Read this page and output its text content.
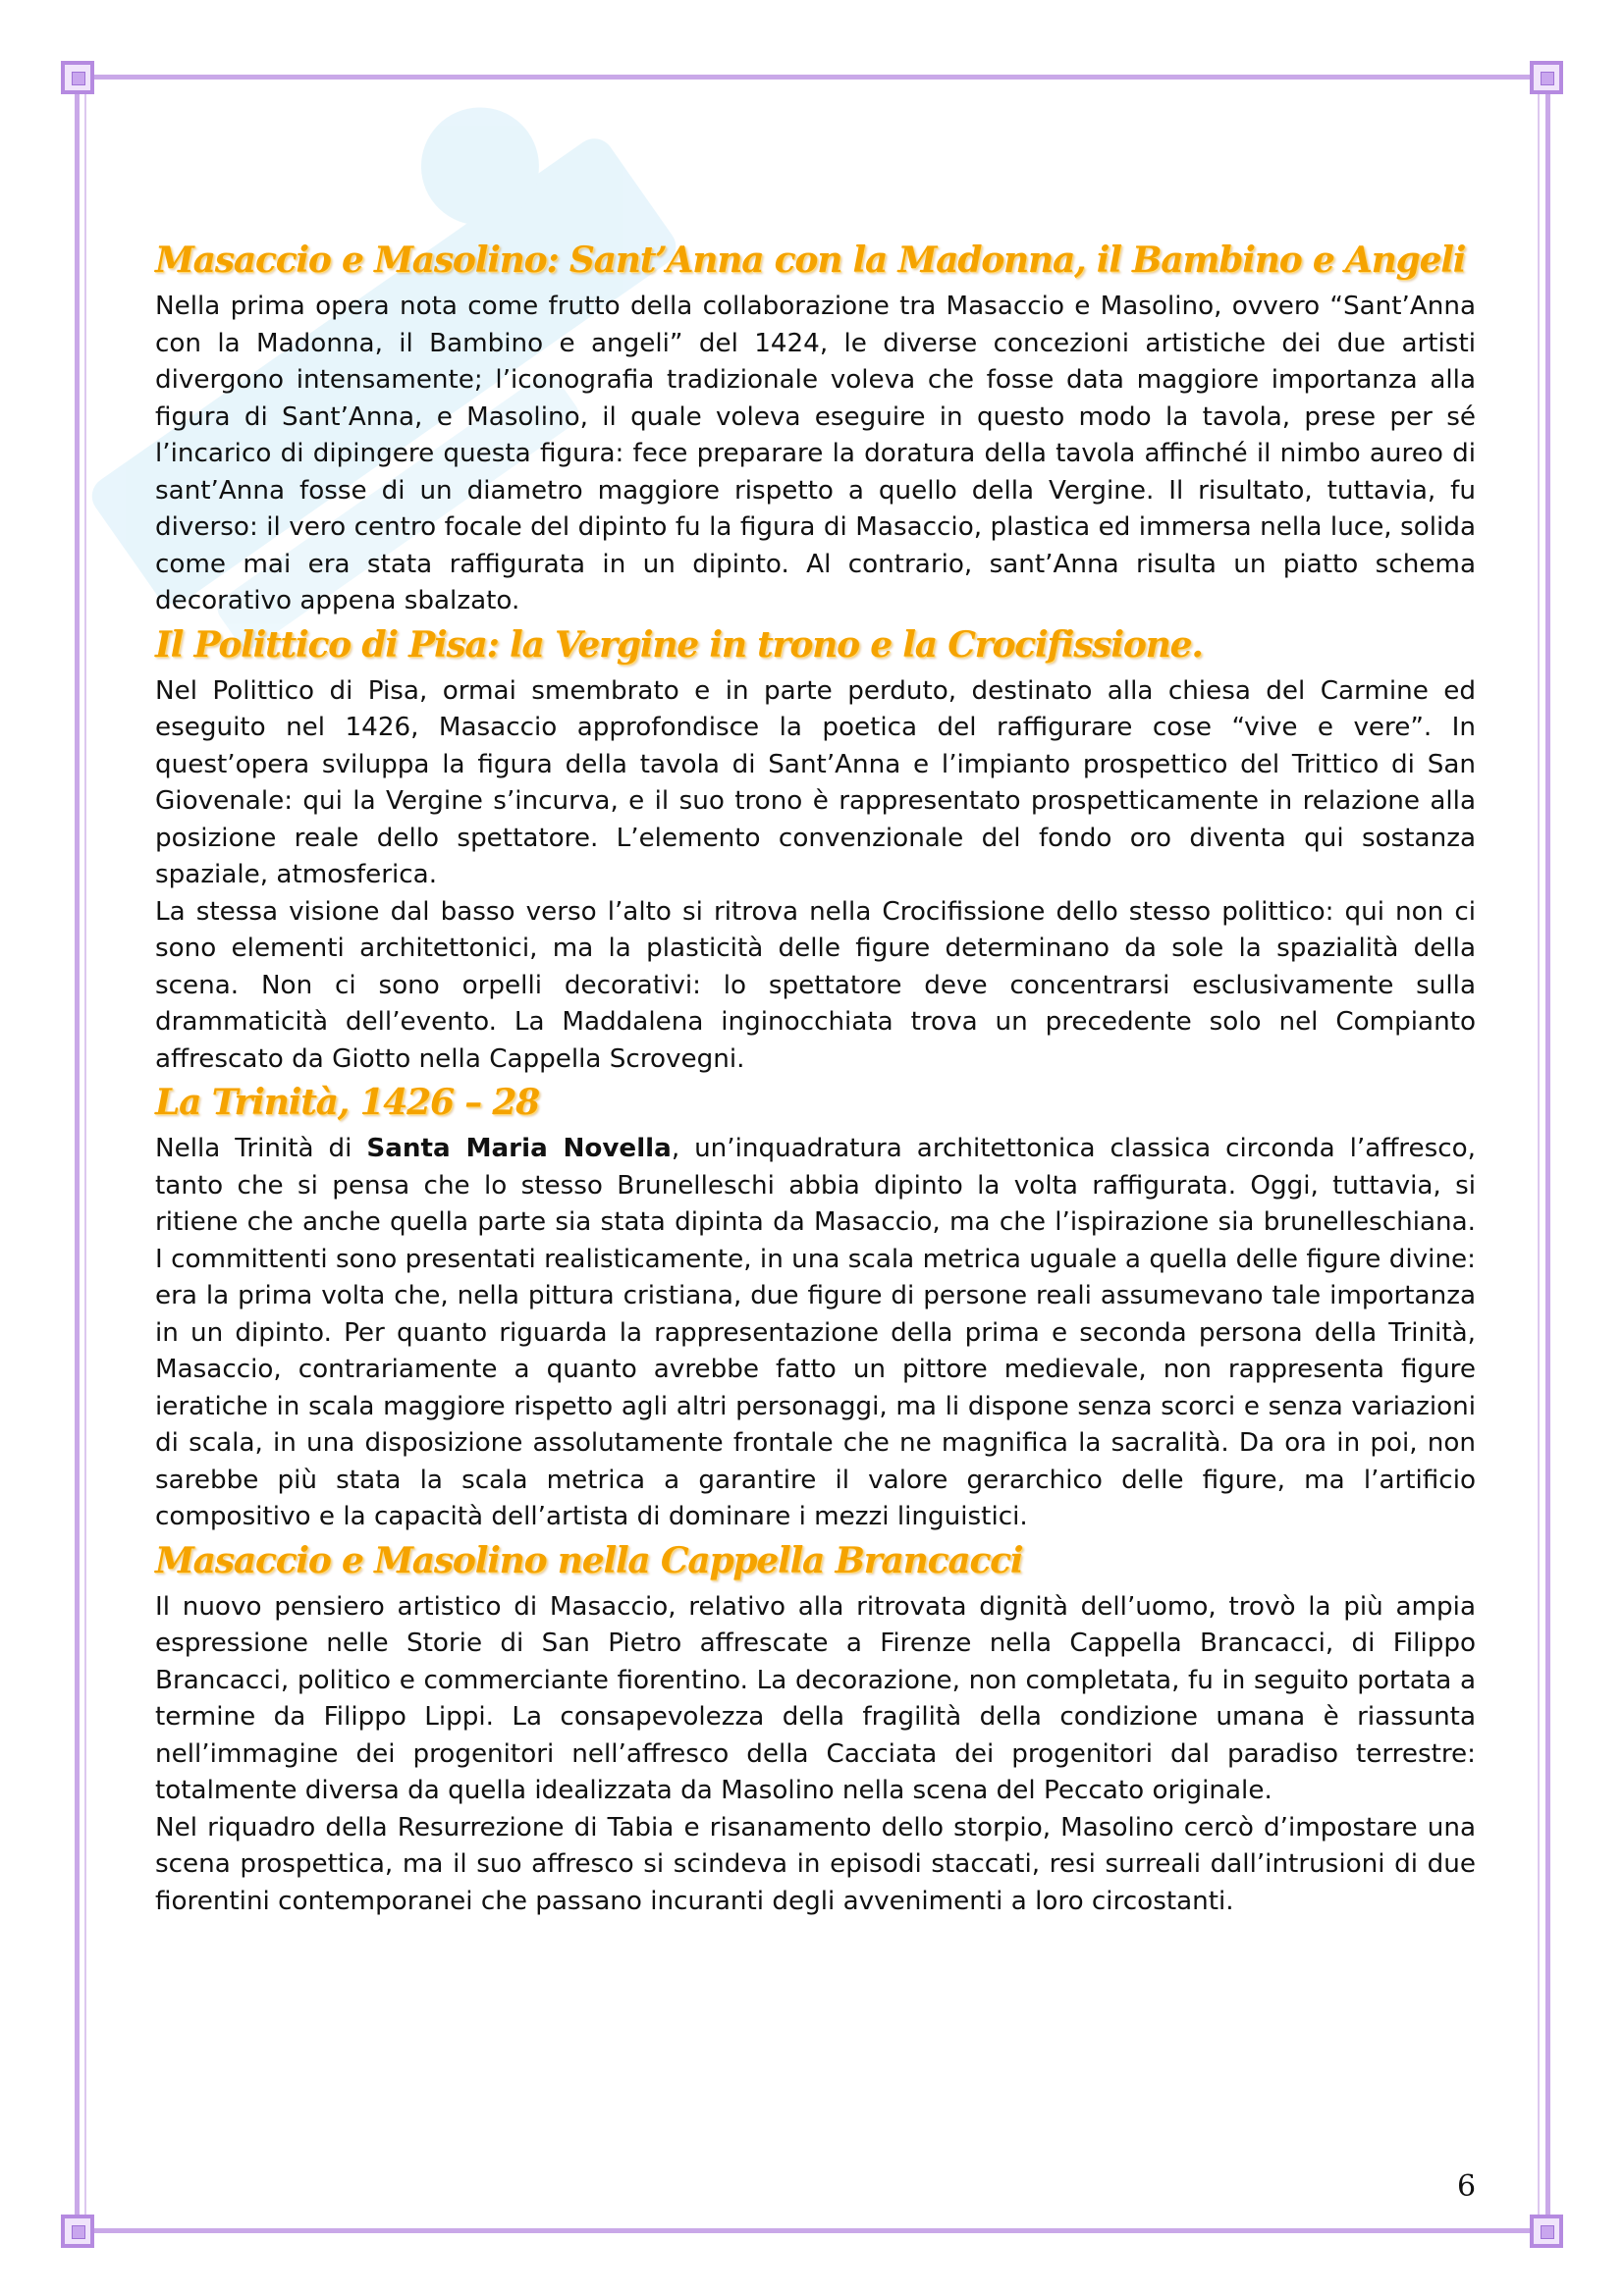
Masaccio e Masolino: Sant’Anna con la Madonna, il Bambino e Angeli

Nella prima opera nota come frutto della collaborazione tra Masaccio e Masolino, ovvero “Sant’Anna con la Madonna, il Bambino e angeli” del 1424, le diverse concezioni artistiche dei due artisti divergono intensamente; l’iconografia tradizionale voleva che fosse data maggiore importanza alla figura di Sant’Anna, e Masolino, il quale voleva eseguire in questo modo la tavola, prese per sé l’incarico di dipingere questa figura: fece preparare la doratura della tavola affinché il nimbo aureo di sant’Anna fosse di un diametro maggiore rispetto a quello della Vergine. Il risultato, tuttavia, fu diverso: il vero centro focale del dipinto fu la figura di Masaccio, plastica ed immersa nella luce, solida come mai era stata raffigurata in un dipinto. Al contrario, sant’Anna risulta un piatto schema decorativo appena sbalzato.

Il Polittico di Pisa: la Vergine in trono e la Crocifissione.

Nel Polittico di Pisa, ormai smembrato e in parte perduto, destinato alla chiesa del Carmine ed eseguito nel 1426, Masaccio approfondisce la poetica del raffigurare cose “vive e vere”. In quest’opera sviluppa la figura della tavola di Sant’Anna e l’impianto prospettico del Trittico di San Giovenale: qui la Vergine s’incurva, e il suo trono è rappresentato prospetticamente in relazione alla posizione reale dello spettatore. L’elemento convenzionale del fondo oro diventa qui sostanza spaziale, atmosferica.

La stessa visione dal basso verso l’alto si ritrova nella Crocifissione dello stesso polittico: qui non ci sono elementi architettonici, ma la plasticità delle figure determinano da sole la spazialità della scena. Non ci sono orpelli decorativi: lo spettatore deve concentrarsi esclusivamente sulla drammaticità dell’evento. La Maddalena inginocchiata trova un precedente solo nel Compianto affrescato da Giotto nella Cappella Scrovegni.

La Trinità, 1426 – 28

Nella Trinità di Santa Maria Novella, un’inquadratura architettonica classica circonda l’affresco, tanto che si pensa che lo stesso Brunelleschi abbia dipinto la volta raffigurata. Oggi, tuttavia, si ritiene che anche quella parte sia stata dipinta da Masaccio, ma che l’ispirazione sia brunelleschiana. I committenti sono presentati realisticamente, in una scala metrica uguale a quella delle figure divine: era la prima volta che, nella pittura cristiana, due figure di persone reali assumevano tale importanza in un dipinto. Per quanto riguarda la rappresentazione della prima e seconda persona della Trinità, Masaccio, contrariamente a quanto avrebbe fatto un pittore medievale, non rappresenta figure ieratiche in scala maggiore rispetto agli altri personaggi, ma li dispone senza scorci e senza variazioni di scala, in una disposizione assolutamente frontale che ne magnifica la sacralità. Da ora in poi, non sarebbe più stata la scala metrica a garantire il valore gerarchico delle figure, ma l’artificio compositivo e la capacità dell’artista di dominare i mezzi linguistici.

Masaccio e Masolino nella Cappella Brancacci

Il nuovo pensiero artistico di Masaccio, relativo alla ritrovata dignità dell’uomo, trovò la più ampia espressione nelle Storie di San Pietro affrescate a Firenze nella Cappella Brancacci, di Filippo Brancacci, politico e commerciante fiorentino. La decorazione, non completata, fu in seguito portata a termine da Filippo Lippi. La consapevolezza della fragilità della condizione umana è riassunta nell’immagine dei progenitori nell’affresco della Cacciata dei progenitori dal paradiso terrestre: totalmente diversa da quella idealizzata da Masolino nella scena del Peccato originale.

Nel riquadro della Resurrezione di Tabia e risanamento dello storpio, Masolino cercò d’impostare una scena prospettica, ma il suo affresco si scindeva in episodi staccati, resi surreali dall’intrusioni di due fiorentini contemporanei che passano incuranti degli avvenimenti a loro circostanti.

6
